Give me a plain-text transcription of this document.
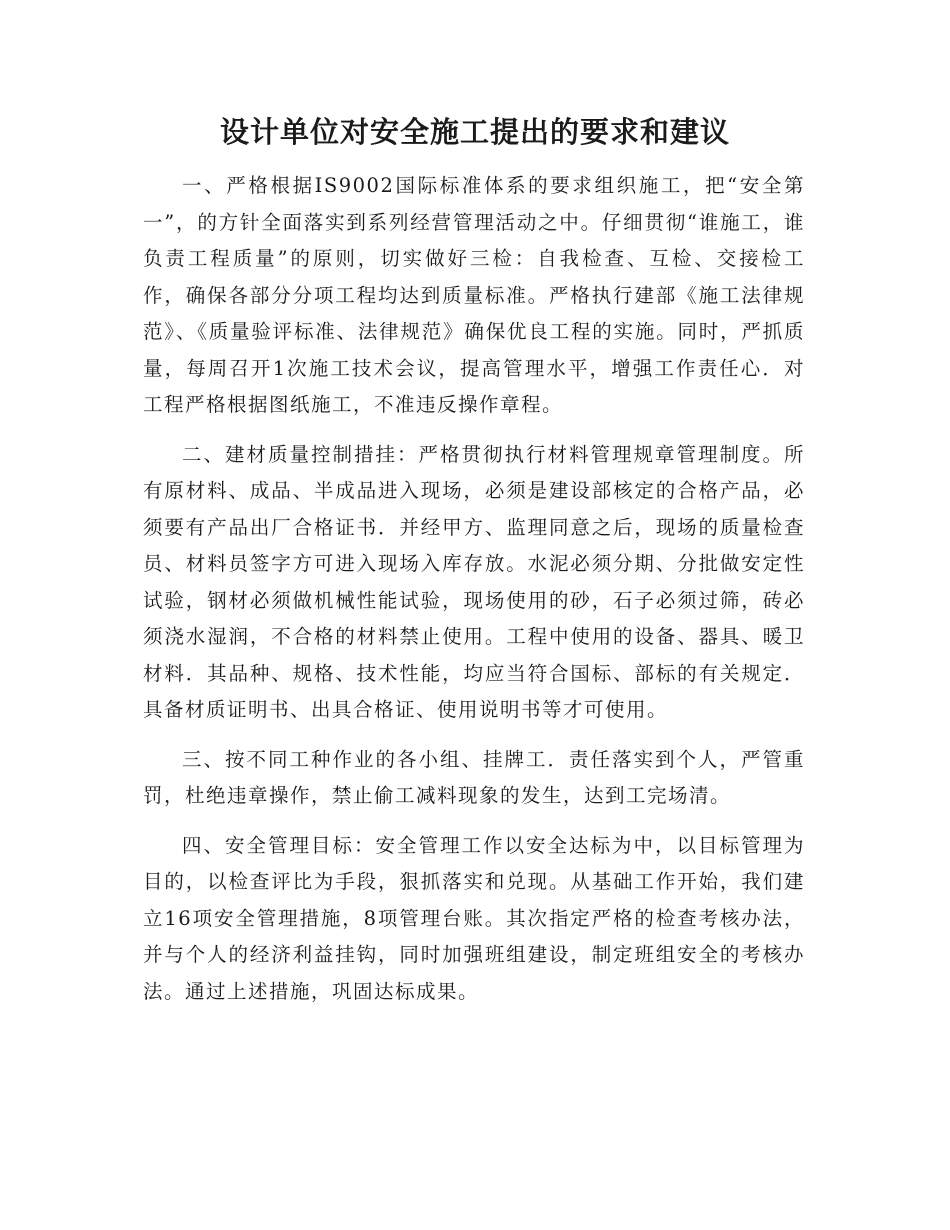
设计单位对安全施工提出的要求和建议

一、严格根据IS9002国际标准体系的要求组织施工，把“安全第一”，的方针全面落实到系列经营管理活动之中。仔细贯彻“谁施工，谁负责工程质量”的原则，切实做好三检：自我检查、互检、交接检工作，确保各部分分项工程均达到质量标准。严格执行建部《施工法律规范》、《质量验评标准、法律规范》确保优良工程的实施。同时，严抓质量，每周召开1次施工技术会议，提高管理水平，增强工作责任心．对工程严格根据图纸施工，不准违反操作章程。

二、建材质量控制措挂：严格贯彻执行材料管理规章管理制度。所有原材料、成品、半成品进入现场，必须是建设部核定的合格产品，必须要有产品出厂合格证书．并经甲方、监理同意之后，现场的质量检查员、材料员签字方可进入现场入库存放。水泥必须分期、分批做安定性试验，钢材必须做机械性能试验，现场使用的砂，石子必须过筛，砖必须浇水湿润，不合格的材料禁止使用。工程中使用的设备、器具、暖卫材料．其品种、规格、技术性能，均应当符合国标、部标的有关规定．具备材质证明书、出具合格证、使用说明书等才可使用。

三、按不同工种作业的各小组、挂牌工．责任落实到个人，严管重罚，杜绝违章操作，禁止偷工减料现象的发生，达到工完场清。

四、安全管理目标：安全管理工作以安全达标为中，以目标管理为目的，以检查评比为手段，狠抓落实和兑现。从基础工作开始，我们建立16项安全管理措施，8项管理台账。其次指定严格的检查考核办法，并与个人的经济利益挂钩，同时加强班组建设，制定班组安全的考核办法。通过上述措施，巩固达标成果。
